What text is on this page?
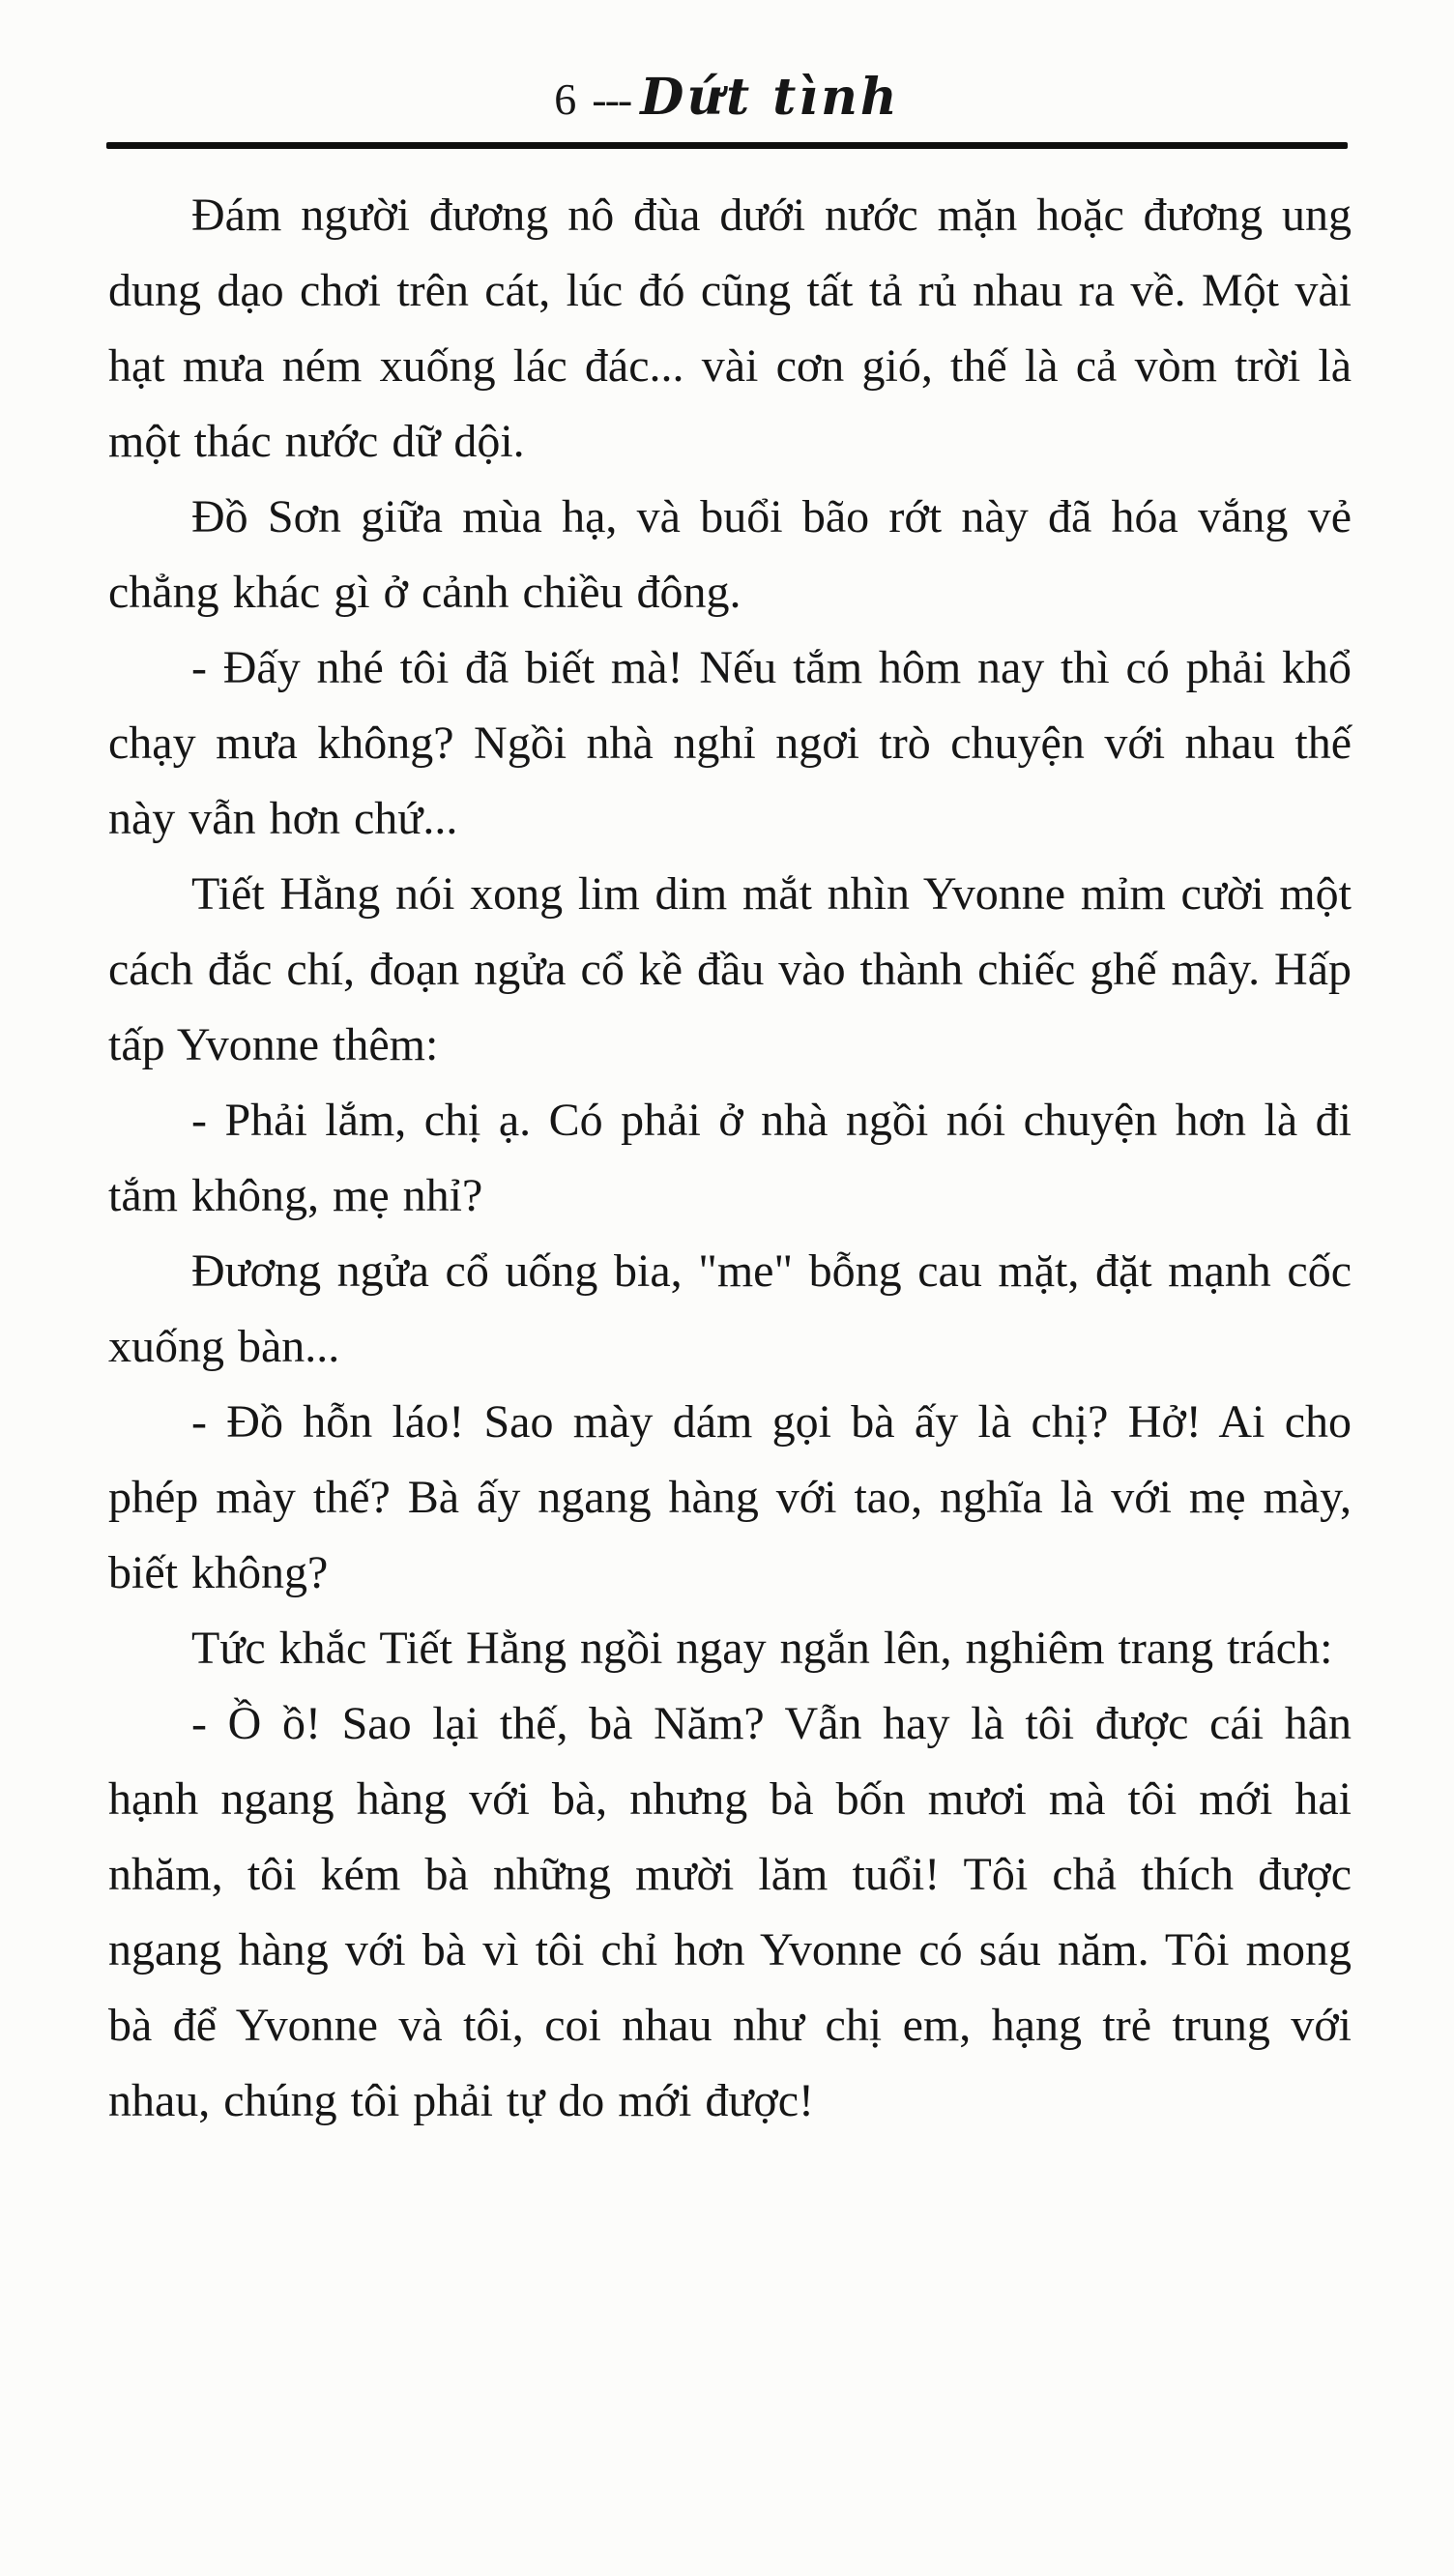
6 --- Dứt tình

Đám người đương nô đùa dưới nước mặn hoặc đương ung dung dạo chơi trên cát, lúc đó cũng tất tả rủ nhau ra về. Một vài hạt mưa ném xuống lác đác... vài cơn gió, thế là cả vòm trời là một thác nước dữ dội.

Đồ Sơn giữa mùa hạ, và buổi bão rớt này đã hóa vắng vẻ chẳng khác gì ở cảnh chiều đông.

- Đấy nhé tôi đã biết mà! Nếu tắm hôm nay thì có phải khổ chạy mưa không? Ngồi nhà nghỉ ngơi trò chuyện với nhau thế này vẫn hơn chứ...

Tiết Hằng nói xong lim dim mắt nhìn Yvonne mỉm cười một cách đắc chí, đoạn ngửa cổ kề đầu vào thành chiếc ghế mây. Hấp tấp Yvonne thêm:

- Phải lắm, chị ạ. Có phải ở nhà ngồi nói chuyện hơn là đi tắm không, mẹ nhỉ?

Đương ngửa cổ uống bia, "me" bỗng cau mặt, đặt mạnh cốc xuống bàn...

- Đồ hỗn láo! Sao mày dám gọi bà ấy là chị? Hở! Ai cho phép mày thế? Bà ấy ngang hàng với tao, nghĩa là với mẹ mày, biết không?

Tức khắc Tiết Hằng ngồi ngay ngắn lên, nghiêm trang trách:

- Ồ ồ! Sao lại thế, bà Năm? Vẫn hay là tôi được cái hân hạnh ngang hàng với bà, nhưng bà bốn mươi mà tôi mới hai nhăm, tôi kém bà những mười lăm tuổi! Tôi chả thích được ngang hàng với bà vì tôi chỉ hơn Yvonne có sáu năm. Tôi mong bà để Yvonne và tôi, coi nhau như chị em, hạng trẻ trung với nhau, chúng tôi phải tự do mới được!
